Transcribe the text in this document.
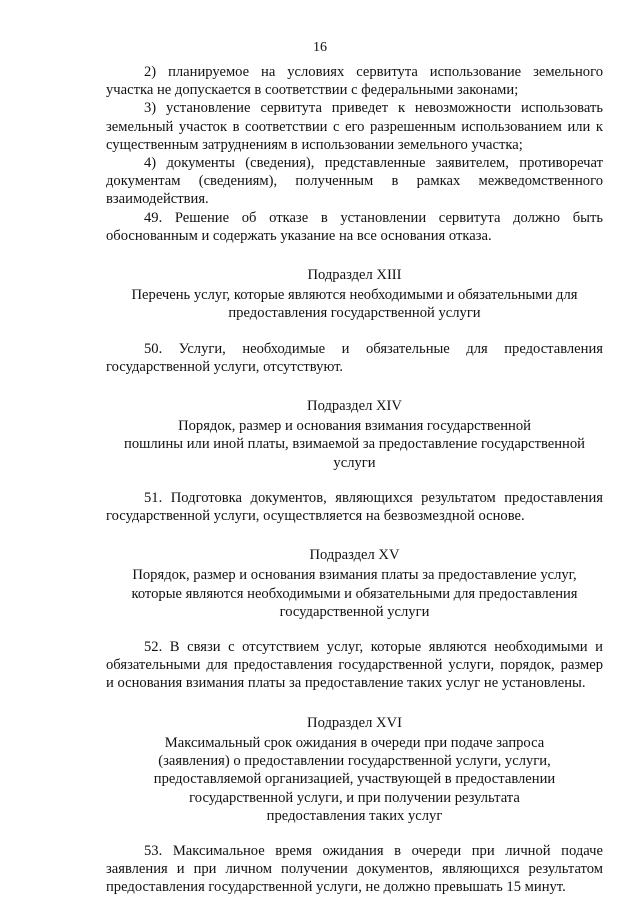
16

2) планируемое на условиях сервитута использование земельного
участка не допускается в соответствии с федеральными законами;

3) установление сервитута приведет к невозможности использовать
земельный участок в соответствии с его разрешенным использованием или к
существенным затруднениям в использовании земельного участка;

4) документы (сведения), представленные заявителем, противоречат
документам (сведениям), полученным в рамках межведомственного
взаимодействия.

49. Решение об отказе в установлении сервитута должно быть
обоснованным и содержать указание на все основания отказа.

Подраздел XIII

Перечень услуг, которые являются необходимыми и обязательными для
предоставления государственной услуги

50. Услуги, необходимые и обязательные для предоставления
государственной услуги, отсутствуют.

Подраздел XIV

Порядок, размер и основания взимания государственной
пошлины или иной платы, взимаемой за предоставление государственной
услуги

51. Подготовка документов, являющихся результатом предоставления
государственной услуги, осуществляется на безвозмездной основе.

Подраздел XV

Порядок, размер и основания взимания платы за предоставление услуг,
которые являются необходимыми и обязательными для предоставления
государственной услуги

52. В связи с отсутствием услуг, которые являются необходимыми и
обязательными для предоставления государственной услуги, порядок, размер
и основания взимания платы за предоставление таких услуг не установлены.

Подраздел XVI

Максимальный срок ожидания в очереди при подаче запроса
(заявления) о предоставлении государственной услуги, услуги,
предоставляемой организацией, участвующей в предоставлении
государственной услуги, и при получении результата
предоставления таких услуг

53. Максимальное время ожидания в очереди при личной подаче
заявления и при личном получении документов, являющихся результатом
предоставления государственной услуги, не должно превышать 15 минут.
